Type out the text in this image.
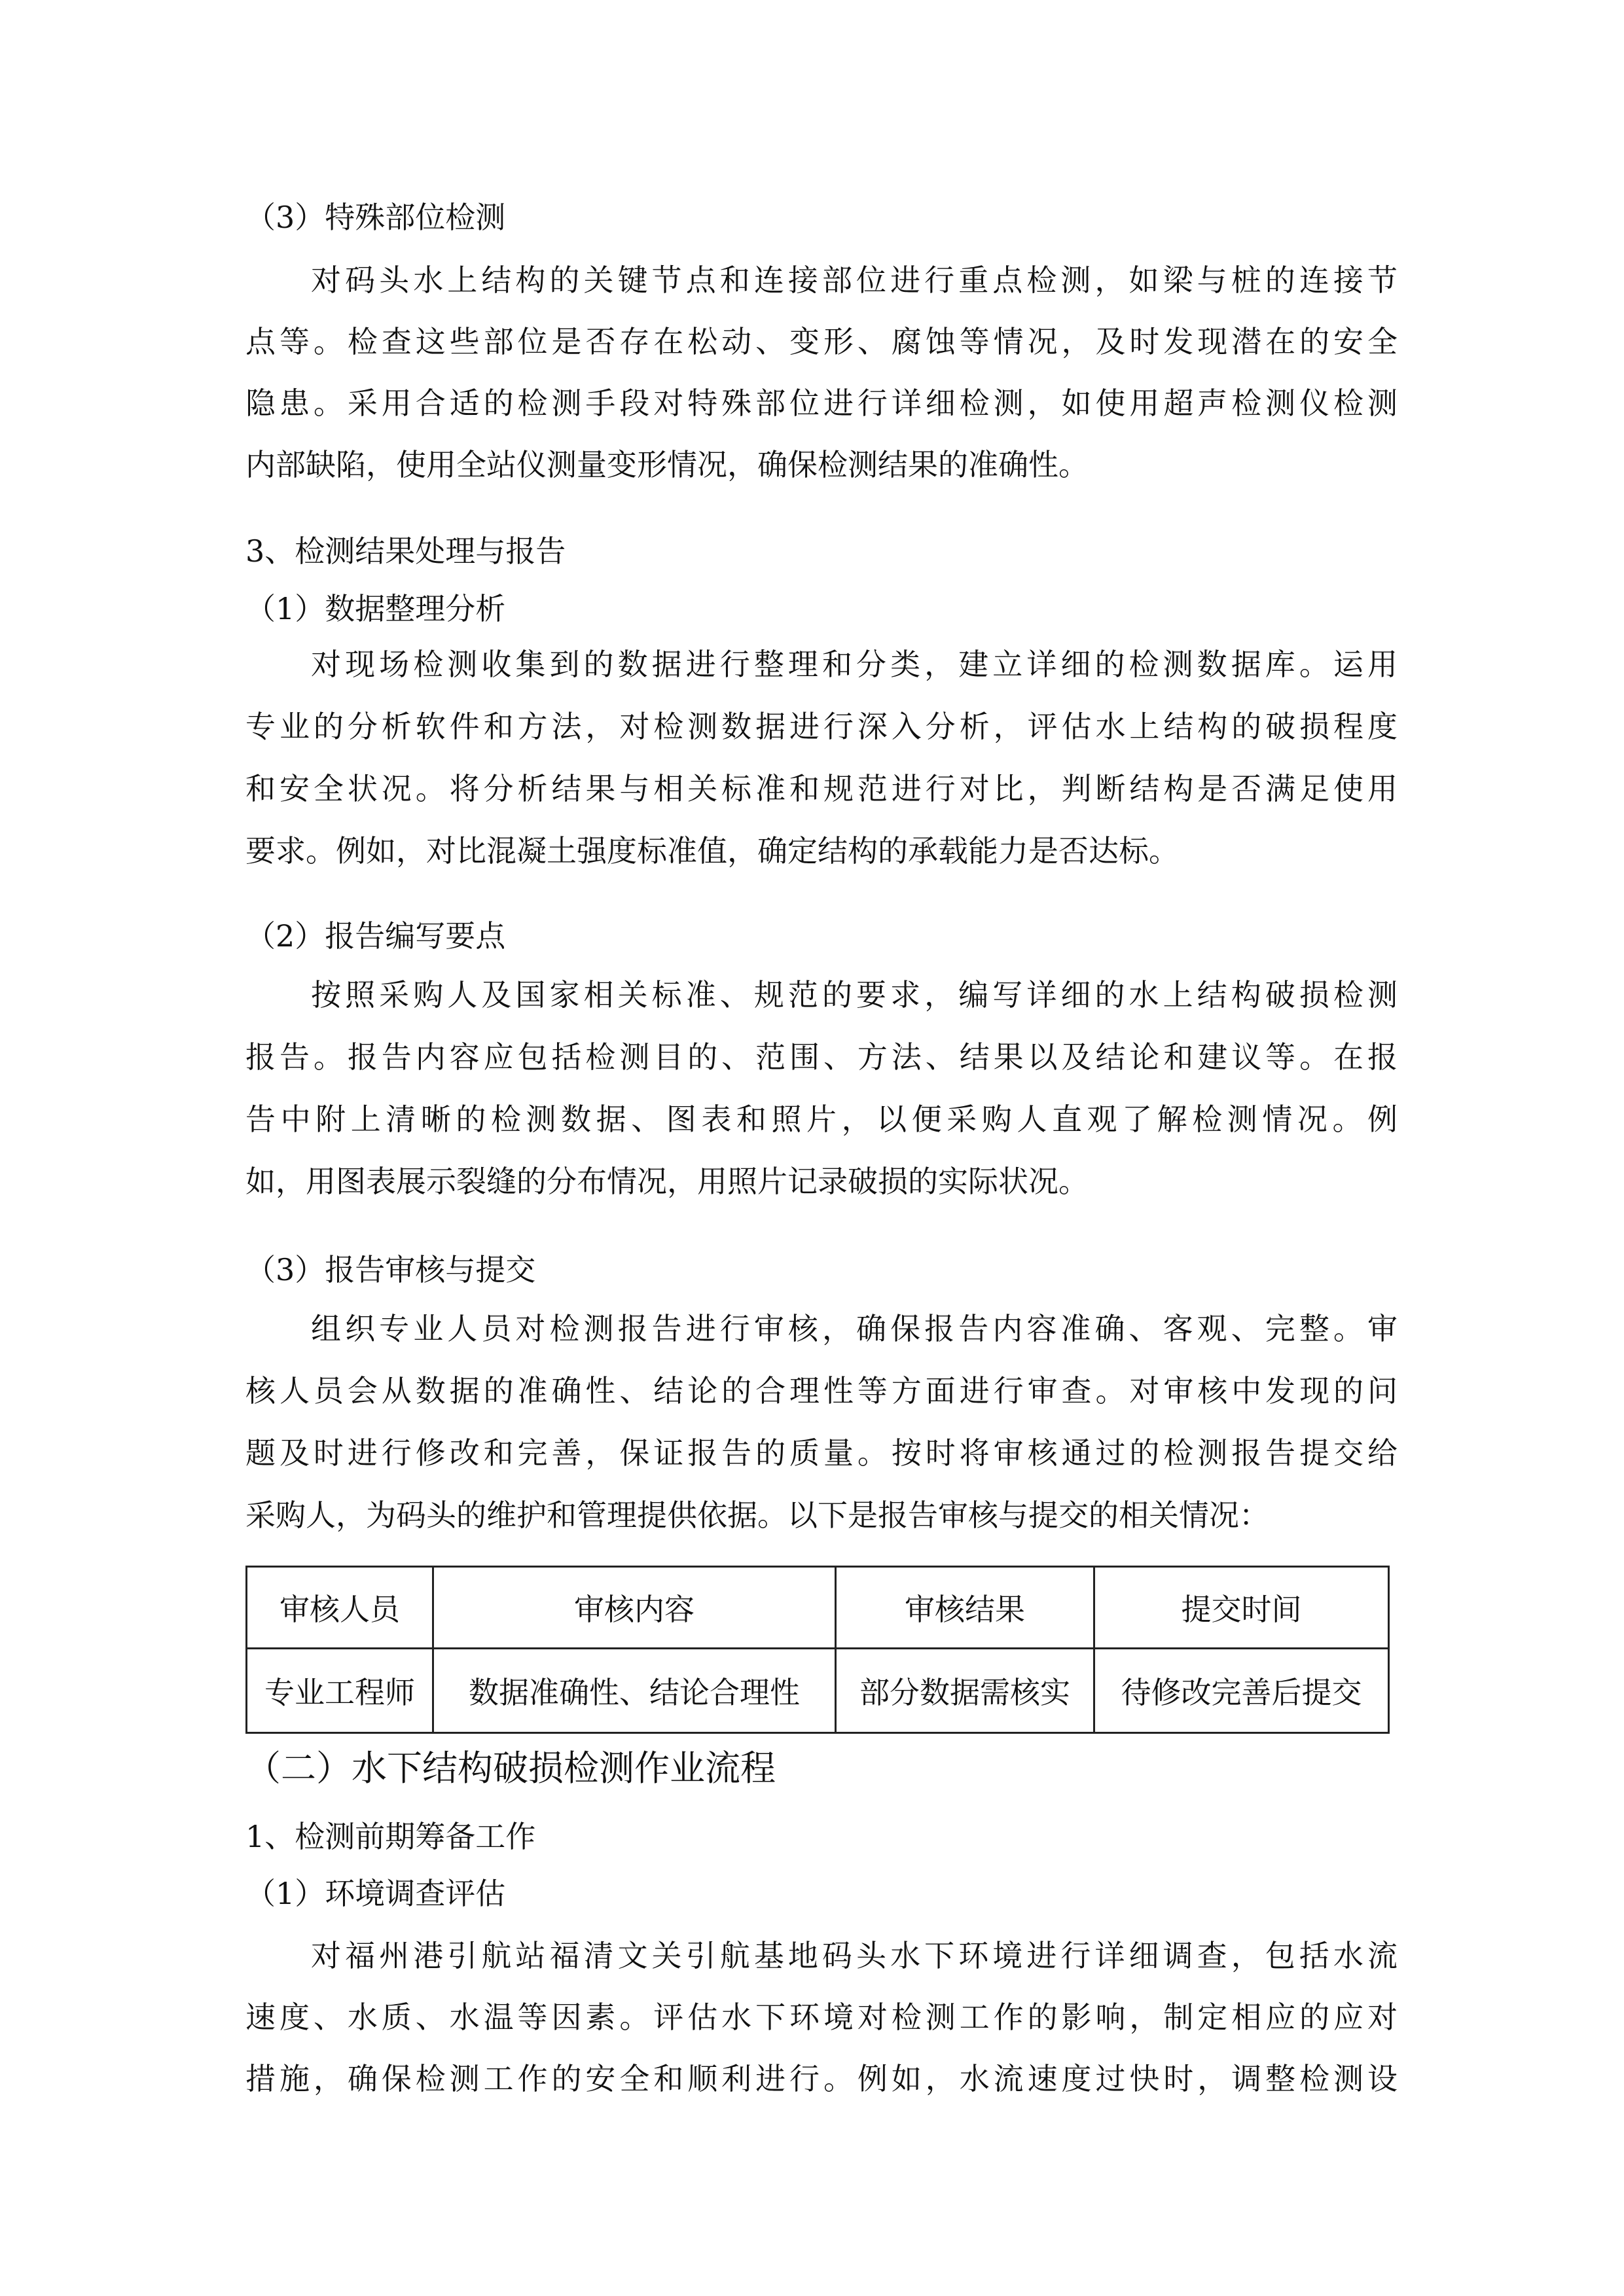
（3）特殊部位检测
对码头水上结构的关键节点和连接部位进行重点检测，如梁与桩的连接节
点等。检查这些部位是否存在松动、变形、腐蚀等情况，及时发现潜在的安全
隐患。采用合适的检测手段对特殊部位进行详细检测，如使用超声检测仪检测
内部缺陷，使用全站仪测量变形情况，确保检测结果的准确性。
3、检测结果处理与报告
（1）数据整理分析
对现场检测收集到的数据进行整理和分类，建立详细的检测数据库。运用
专业的分析软件和方法，对检测数据进行深入分析，评估水上结构的破损程度
和安全状况。将分析结果与相关标准和规范进行对比，判断结构是否满足使用
要求。例如，对比混凝土强度标准值，确定结构的承载能力是否达标。
（2）报告编写要点
按照采购人及国家相关标准、规范的要求，编写详细的水上结构破损检测
报告。报告内容应包括检测目的、范围、方法、结果以及结论和建议等。在报
告中附上清晰的检测数据、图表和照片，以便采购人直观了解检测情况。例
如，用图表展示裂缝的分布情况，用照片记录破损的实际状况。
（3）报告审核与提交
组织专业人员对检测报告进行审核，确保报告内容准确、客观、完整。审
核人员会从数据的准确性、结论的合理性等方面进行审查。对审核中发现的问
题及时进行修改和完善，保证报告的质量。按时将审核通过的检测报告提交给
采购人，为码头的维护和管理提供依据。以下是报告审核与提交的相关情况：
审核人员	审核内容	审核结果	提交时间
专业工程师	数据准确性、结论合理性	部分数据需核实	待修改完善后提交
（二）水下结构破损检测作业流程
1、检测前期筹备工作
（1）环境调查评估
对福州港引航站福清文关引航基地码头水下环境进行详细调查，包括水流
速度、水质、水温等因素。评估水下环境对检测工作的影响，制定相应的应对
措施，确保检测工作的安全和顺利进行。例如，水流速度过快时，调整检测设
